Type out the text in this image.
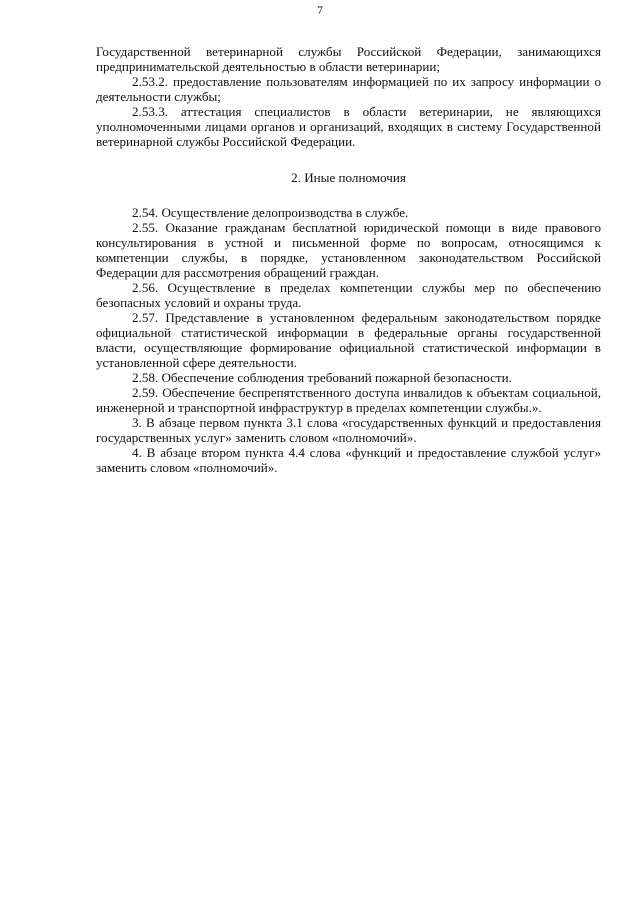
7

Государственной ветеринарной службы Российской Федерации, занимающихся предпринимательской деятельностью в области ветеринарии;

2.53.2. предоставление пользователям информацией по их запросу информации о деятельности службы;

2.53.3. аттестация специалистов в области ветеринарии, не являющихся уполномоченными лицами органов и организаций, входящих в систему Государственной ветеринарной службы Российской Федерации.

2. Иные полномочия

2.54. Осуществление делопроизводства в службе.

2.55. Оказание гражданам бесплатной юридической помощи в виде правового консультирования в устной и письменной форме по вопросам, относящимся к компетенции службы, в порядке, установленном законодательством Российской Федерации для рассмотрения обращений граждан.

2.56. Осуществление в пределах компетенции службы мер по обеспечению безопасных условий и охраны труда.

2.57. Представление в установленном федеральным законодательством порядке официальной статистической информации в федеральные органы государственной власти, осуществляющие формирование официальной статистической информации в установленной сфере деятельности.

2.58. Обеспечение соблюдения требований пожарной безопасности.

2.59. Обеспечение беспрепятственного доступа инвалидов к объектам социальной, инженерной и транспортной инфраструктур в пределах компетенции службы.».

3. В абзаце первом пункта 3.1 слова «государственных функций и предоставления государственных услуг» заменить словом «полномочий».

4. В абзаце втором пункта 4.4 слова «функций и предоставление службой услуг» заменить словом «полномочий».
